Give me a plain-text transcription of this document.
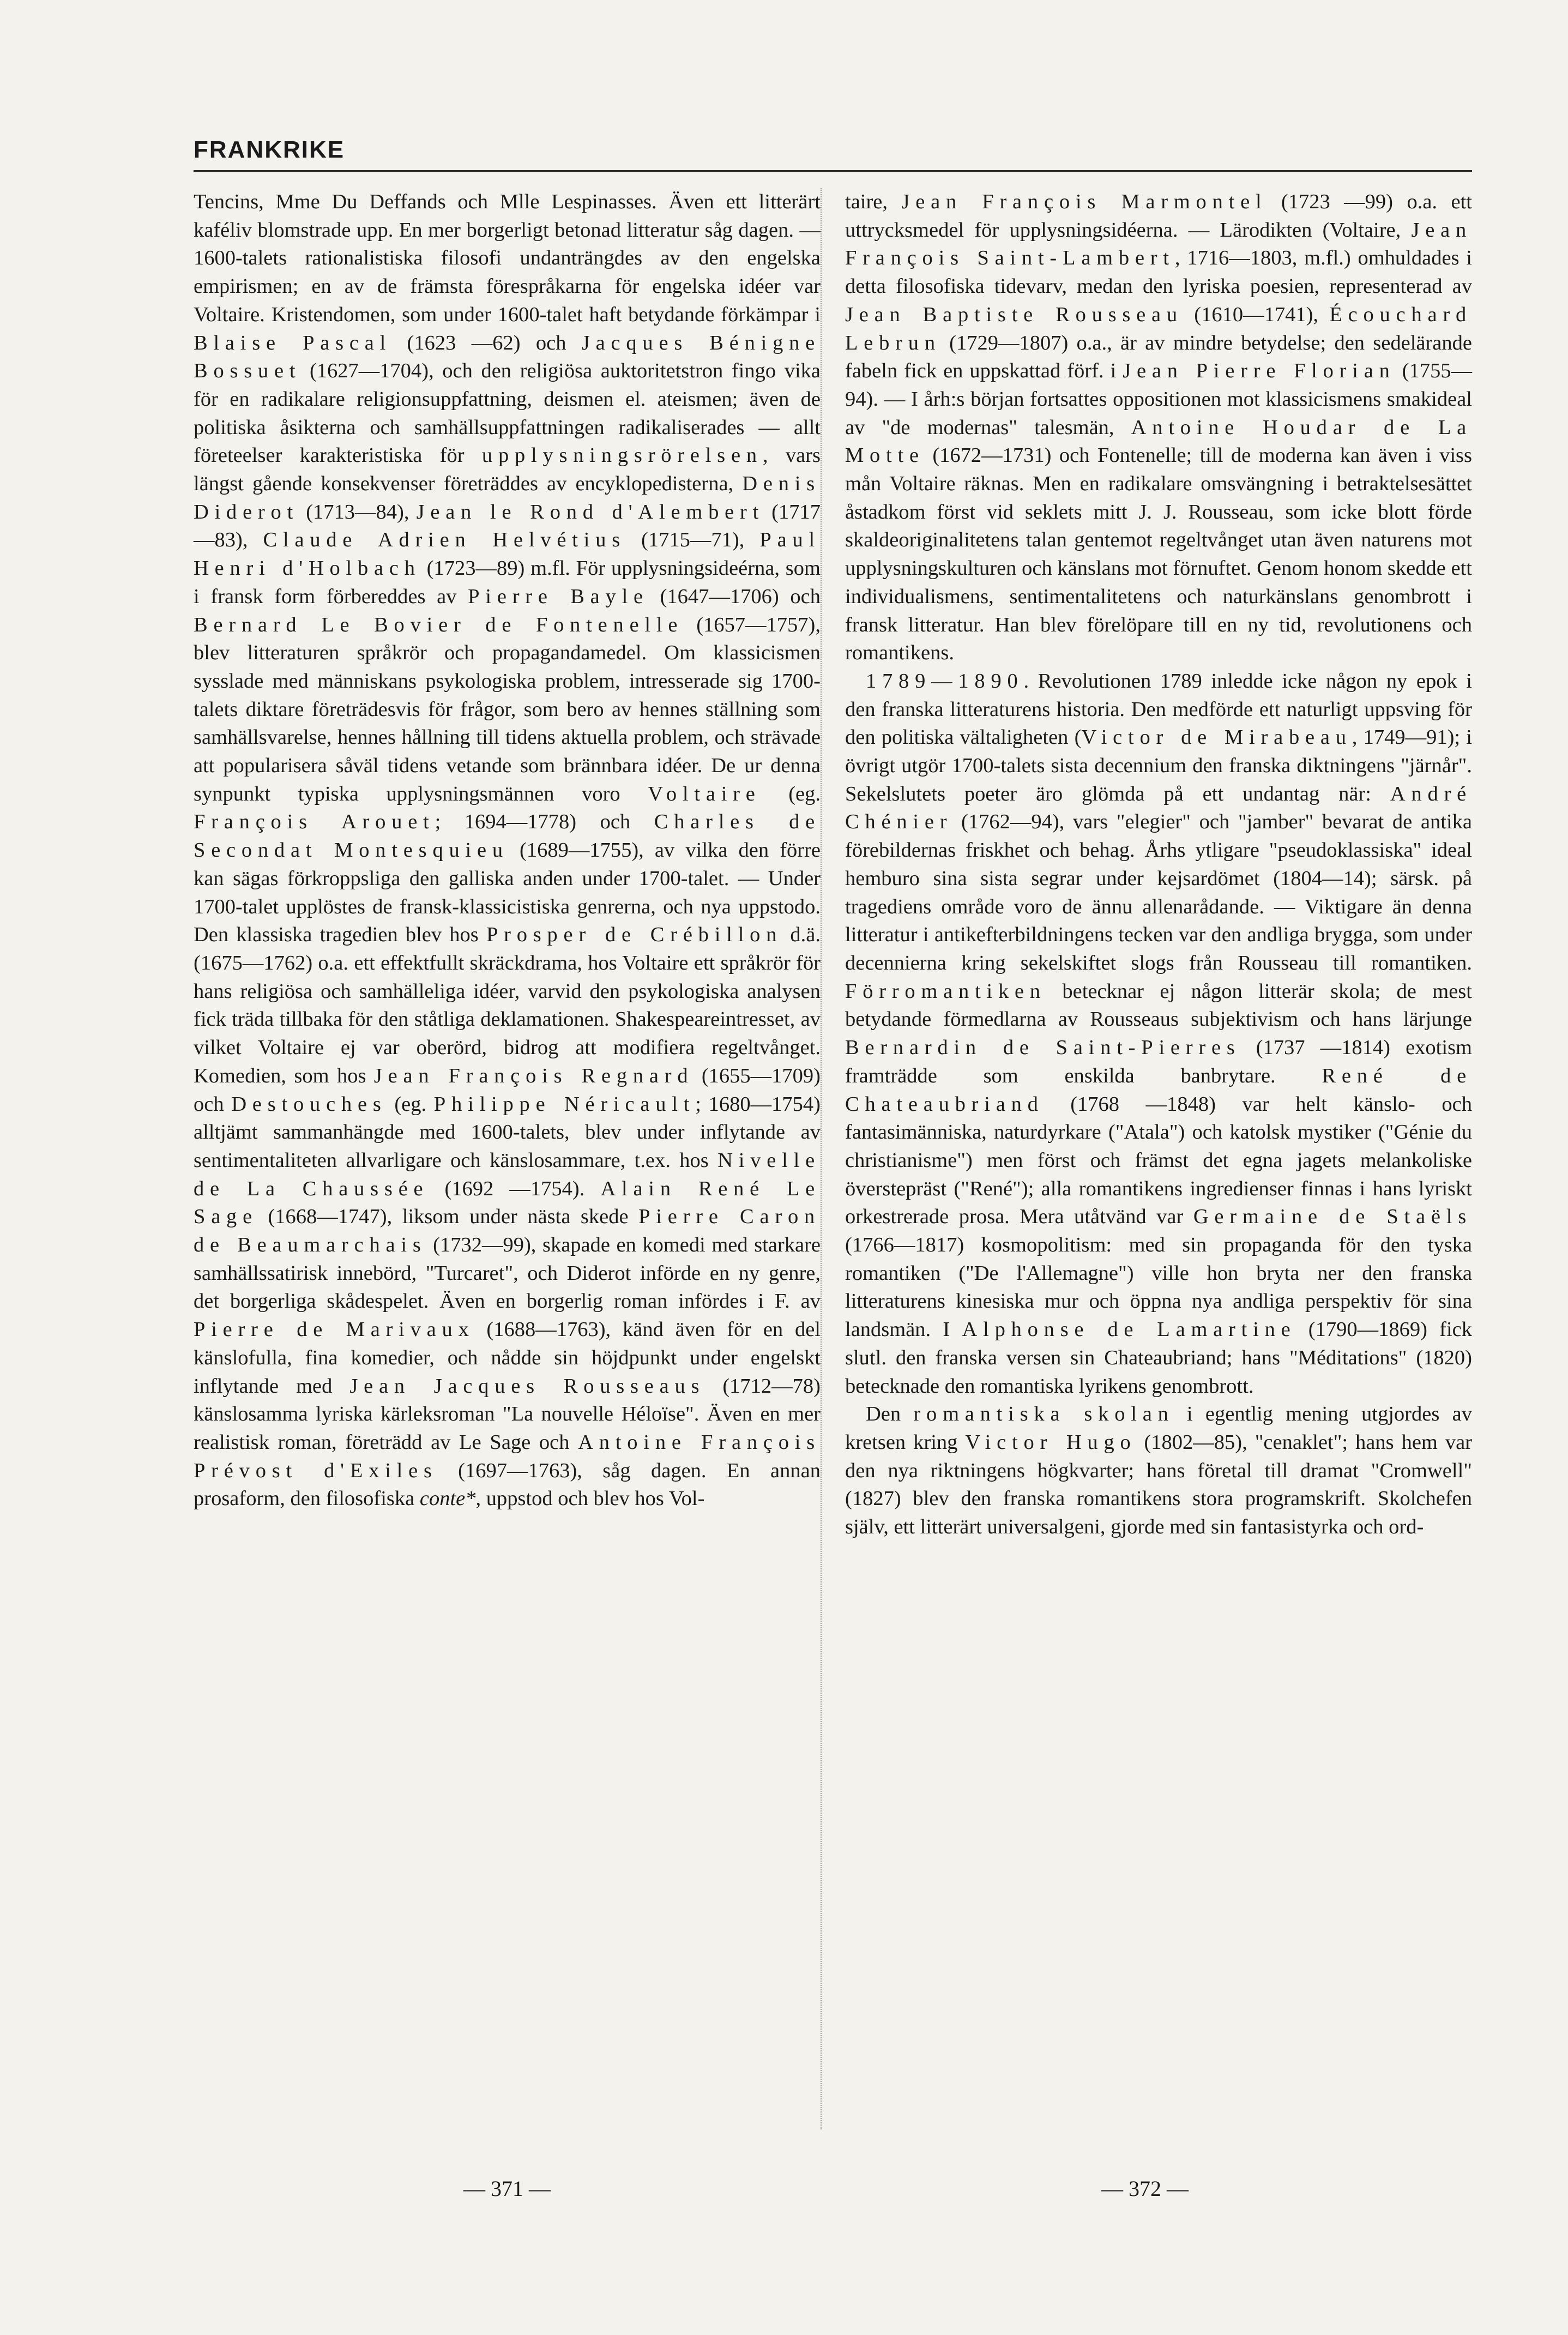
FRANKRIKE

Tencins, Mme Du Deffands och Mlle Lespinasses. Även ett litterärt kaféliv blomstrade upp. En mer borgerligt betonad litteratur såg dagen. — 1600-talets rationalistiska filosofi undanträngdes av den engelska empirismen; en av de främsta förespråkarna för engelska idéer var Voltaire. Kristendomen, som under 1600-talet haft betydande förkämpar i Blaise Pascal (1623 —62) och Jacques Bénigne Bossuet (1627—1704), och den religiösa auktoritetstron fingo vika för en radikalare religionsuppfattning, deismen el. ateismen; även de politiska åsikterna och samhällsuppfattningen radikaliserades — allt företeelser karakteristiska för upplysningsrörelsen, vars längst gående konsekvenser företräddes av encyklopedisterna, Denis Diderot (1713—84), Jean le Rond d'Alembert (1717—83), Claude Adrien Helvétius (1715—71), Paul Henri d'Holbach (1723—89) m.fl. För upplysningsideérna, som i fransk form förbereddes av Pierre Bayle (1647—1706) och Bernard Le Bovier de Fontenelle (1657—1757), blev litteraturen språkrör och propagandamedel. Om klassicismen sysslade med människans psykologiska problem, intresserade sig 1700-talets diktare företrädesvis för frågor, som bero av hennes ställning som samhällsvarelse, hennes hållning till tidens aktuella problem, och strävade att popularisera såväl tidens vetande som brännbara idéer. De ur denna synpunkt typiska upplysningsmännen voro Voltaire (eg. François Arouet; 1694—1778) och Charles de Secondat Montesquieu (1689—1755), av vilka den förre kan sägas förkroppsliga den galliska anden under 1700-talet. — Under 1700-talet upplöstes de fransk-klassicistiska genrerna, och nya uppstodo. Den klassiska tragedien blev hos Prosper de Crébillon d.ä. (1675—1762) o.a. ett effektfullt skräckdrama, hos Voltaire ett språkrör för hans religiösa och samhälleliga idéer, varvid den psykologiska analysen fick träda tillbaka för den ståtliga deklamationen. Shakespeareintresset, av vilket Voltaire ej var oberörd, bidrog att modifiera regeltvånget. Komedien, som hos Jean François Regnard (1655—1709) och Destouches (eg. Philippe Néricault; 1680—1754) alltjämt sammanhängde med 1600-talets, blev under inflytande av sentimentaliteten allvarligare och känslosammare, t.ex. hos Nivelle de La Chaussée (1692 —1754). Alain René Le Sage (1668—1747), liksom under nästa skede Pierre Caron de Beaumarchais (1732—99), skapade en komedi med starkare samhällssatirisk innebörd, "Turcaret", och Diderot införde en ny genre, det borgerliga skådespelet. Även en borgerlig roman infördes i F. av Pierre de Marivaux (1688—1763), känd även för en del känslofulla, fina komedier, och nådde sin höjdpunkt under engelskt inflytande med Jean Jacques Rousseaus (1712—78) känslosamma lyriska kärleksroman "La nouvelle Héloïse". Även en mer realistisk roman, företrädd av Le Sage och Antoine François Prévost d'Exiles (1697—1763), såg dagen. En annan prosaform, den filosofiska conte*, uppstod och blev hos Vol-

taire, Jean François Marmontel (1723 —99) o.a. ett uttrycksmedel för upplysningsidéerna. — Lärodikten (Voltaire, Jean François Saint-Lambert, 1716—1803, m.fl.) omhuldades i detta filosofiska tidevarv, medan den lyriska poesien, representerad av Jean Baptiste Rousseau (1610—1741), Écouchard Lebrun (1729—1807) o.a., är av mindre betydelse; den sedelärande fabeln fick en uppskattad förf. i Jean Pierre Florian (1755—94). — I årh:s början fortsattes oppositionen mot klassicismens smakideal av "de modernas" talesmän, Antoine Houdar de La Motte (1672—1731) och Fontenelle; till de moderna kan även i viss mån Voltaire räknas. Men en radikalare omsvängning i betraktelsesättet åstadkom först vid seklets mitt J. J. Rousseau, som icke blott förde skaldeoriginalitetens talan gentemot regeltvånget utan även naturens mot upplysningskulturen och känslans mot förnuftet. Genom honom skedde ett individualismens, sentimentalitetens och naturkänslans genombrott i fransk litteratur. Han blev förelöpare till en ny tid, revolutionens och romantikens.

1789—1890. Revolutionen 1789 inledde icke någon ny epok i den franska litteraturens historia. Den medförde ett naturligt uppsving för den politiska vältaligheten (Victor de Mirabeau, 1749—91); i övrigt utgör 1700-talets sista decennium den franska diktningens "järnår". Sekelslutets poeter äro glömda på ett undantag när: André Chénier (1762—94), vars "elegier" och "jamber" bevarat de antika förebildernas friskhet och behag. Århs ytligare "pseudoklassiska" ideal hemburo sina sista segrar under kejsardömet (1804—14); särsk. på tragediens område voro de ännu allenarådande. — Viktigare än denna litteratur i antikefterbildningens tecken var den andliga brygga, som under decennierna kring sekelskiftet slogs från Rousseau till romantiken. Förromantiken betecknar ej någon litterär skola; de mest betydande förmedlarna av Rousseaus subjektivism och hans lärjunge Bernardin de Saint-Pierres (1737 —1814) exotism framträdde som enskilda banbrytare. René de Chateaubriand (1768 —1848) var helt känslo- och fantasimänniska, naturdyrkare ("Atala") och katolsk mystiker ("Génie du christianisme") men först och främst det egna jagets melankoliske överstepräst ("René"); alla romantikens ingredienser finnas i hans lyriskt orkestrerade prosa. Mera utåtvänd var Germaine de Staëls (1766—1817) kosmopolitism: med sin propaganda för den tyska romantiken ("De l'Allemagne") ville hon bryta ner den franska litteraturens kinesiska mur och öppna nya andliga perspektiv för sina landsmän. I Alphonse de Lamartine (1790—1869) fick slutl. den franska versen sin Chateaubriand; hans "Méditations" (1820) betecknade den romantiska lyrikens genombrott.

Den romantiska skolan i egentlig mening utgjordes av kretsen kring Victor Hugo (1802—85), "cenaklet"; hans hem var den nya riktningens högkvarter; hans företal till dramat "Cromwell" (1827) blev den franska romantikens stora programskrift. Skolchefen själv, ett litterärt universalgeni, gjorde med sin fantasistyrka och ord-

— 371 —	— 372 —
